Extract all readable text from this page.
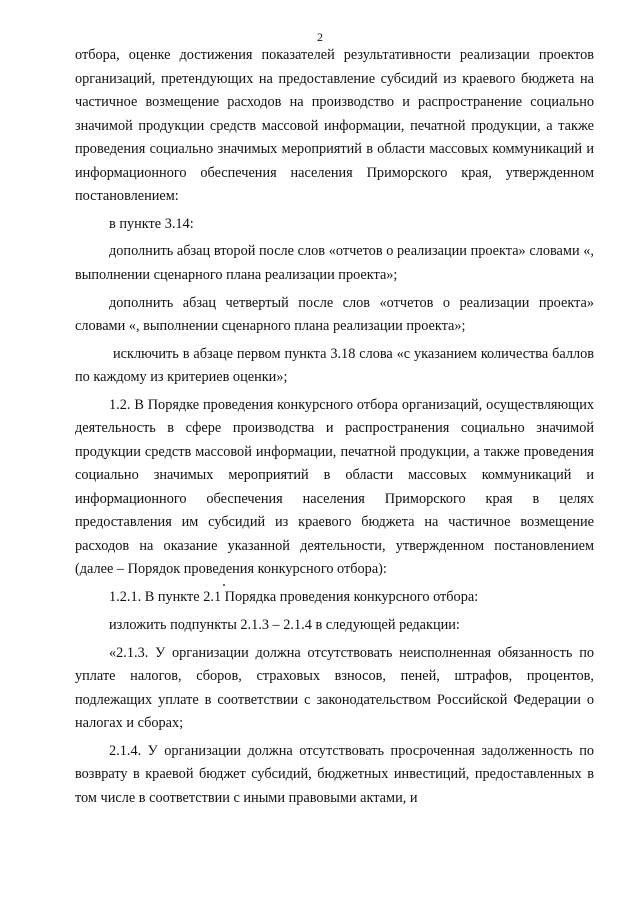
2

отбора, оценке достижения показателей результативности реализации проектов организаций, претендующих на предоставление субсидий из краевого бюджета на частичное возмещение расходов на производство и распространение социально значимой продукции средств массовой информации, печатной продукции, а также проведения социально значимых мероприятий в области массовых коммуникаций и информационного обеспечения населения Приморского края, утвержденном постановлением:

в пункте 3.14:

дополнить абзац второй после слов «отчетов о реализации проекта» словами «, выполнении сценарного плана реализации проекта»;

дополнить абзац четвертый после слов «отчетов о реализации проекта» словами «, выполнении сценарного плана реализации проекта»;

исключить в абзаце первом пункта 3.18 слова «с указанием количества баллов по каждому из критериев оценки»;

1.2. В Порядке проведения конкурсного отбора организаций, осуществляющих деятельность в сфере производства и распространения социально значимой продукции средств массовой информации, печатной продукции, а также проведения социально значимых мероприятий в области массовых коммуникаций и информационного обеспечения населения Приморского края в целях предоставления им субсидий из краевого бюджета на частичное возмещение расходов на оказание указанной деятельности, утвержденном постановлением (далее – Порядок проведения конкурсного отбора):

1.2.1. В пункте 2.1 Порядка проведения конкурсного отбора:

изложить подпункты 2.1.3 – 2.1.4 в следующей редакции:

«2.1.3. У организации должна отсутствовать неисполненная обязанность по уплате налогов, сборов, страховых взносов, пеней, штрафов, процентов, подлежащих уплате в соответствии с законодательством Российской Федерации о налогах и сборах;

2.1.4. У организации должна отсутствовать просроченная задолженность по возврату в краевой бюджет субсидий, бюджетных инвестиций, предоставленных в том числе в соответствии с иными правовыми актами, и
